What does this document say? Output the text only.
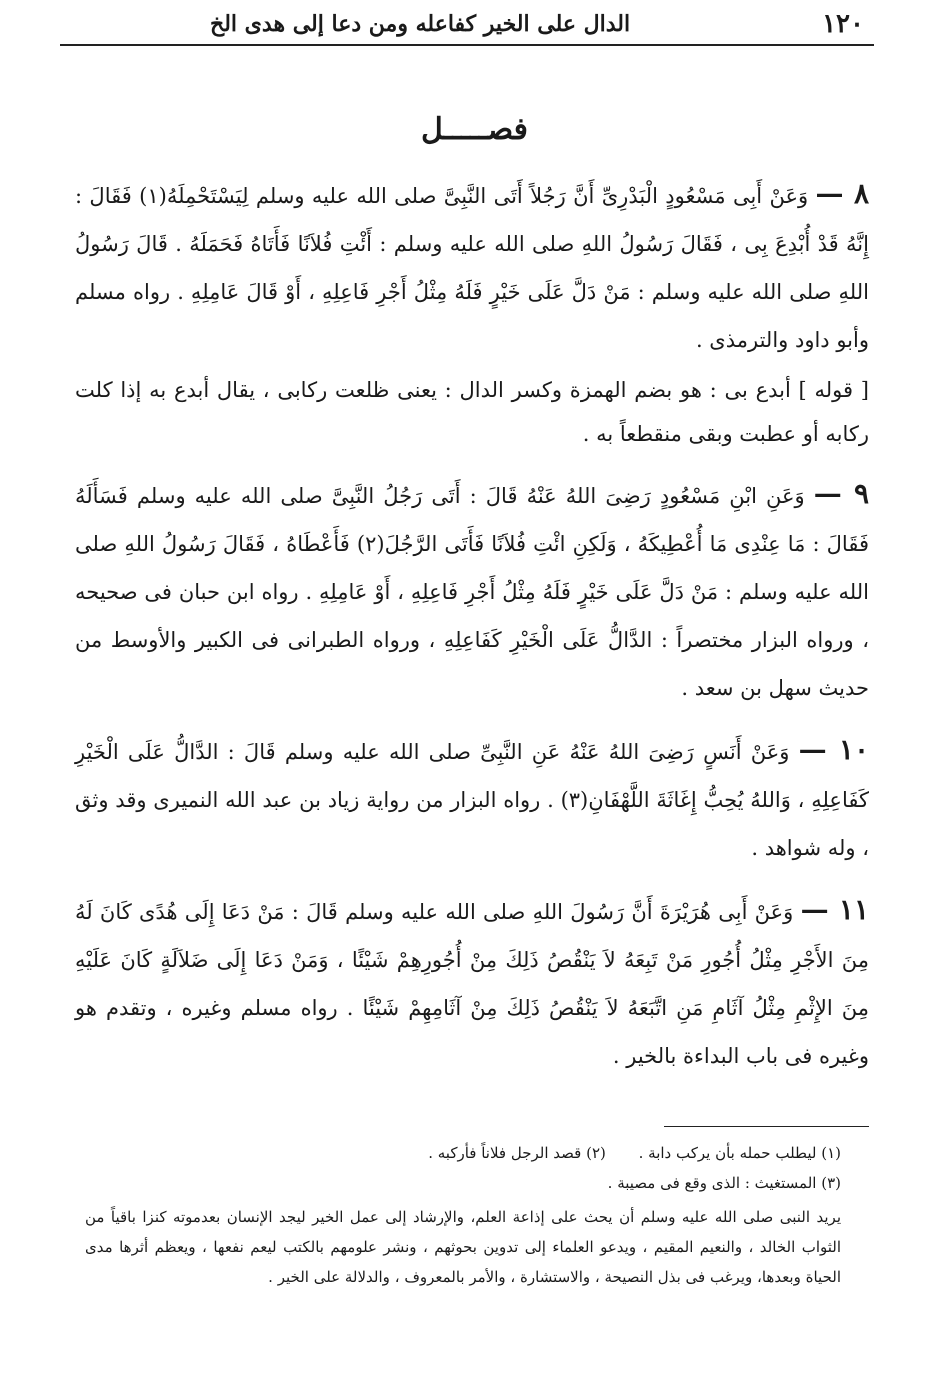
١٢٠
الدال على الخير كفاعله ومن دعا إلى هدى الخ
فصـــــل
٨ — وَعَنْ أَبِى مَسْعُودٍ الْبَدْرِىِّ أَنَّ رَجُلاً أَتَى النَّبِىَّ صلى الله عليه وسلم لِيَسْتَحْمِلَهُ(١) فَقَالَ : إِنَّهُ قَدْ أُبْدِعَ بِى ، فَقَالَ رَسُولُ اللهِ صلى الله عليه وسلم : أَئْتِ فُلاَنًا فَأَتَاهُ فَحَمَلَهُ . قَالَ رَسُولُ اللهِ صلى الله عليه وسلم : مَنْ دَلَّ عَلَى خَيْرٍ فَلَهُ مِثْلُ أَجْرِ فَاعِلِهِ ، أَوْ قَالَ عَامِلِهِ . رواه مسلم وأبو داود والترمذى .
[ قوله ] أبدع بى : هو بضم الهمزة وكسر الدال : يعنى ظلعت ركابى ، يقال أبدع به إذا كلت ركابه أو عطبت وبقى منقطعاً به .
٩ — وَعَنِ ابْنِ مَسْعُودٍ رَضِىَ اللهُ عَنْهُ قَالَ : أَتَى رَجُلُ النَّبِىَّ صلى الله عليه وسلم فَسَأَلَهُ فَقَالَ : مَا عِنْدِى مَا أُعْطِيكَهُ ، وَلَكِنِ ائْتِ فُلاَنًا فَأَتَى الرَّجُلَ(٢) فَأَعْطَاهُ ، فَقَالَ رَسُولُ اللهِ صلى الله عليه وسلم : مَنْ دَلَّ عَلَى خَيْرٍ فَلَهُ مِثْلُ أَجْرِ فَاعِلِهِ ، أَوْ عَامِلِهِ . رواه ابن حبان فى صحيحه ، ورواه البزار مختصراً : الدَّالُّ عَلَى الْخَيْرِ كَفَاعِلِهِ ، ورواه الطبرانى فى الكبير والأوسط من حديث سهل بن سعد .
١٠ — وَعَنْ أَنَسٍ رَضِىَ اللهُ عَنْهُ عَنِ النَّبِىِّ صلى الله عليه وسلم قَالَ : الدَّالُّ عَلَى الْخَيْرِ كَفَاعِلِهِ ، وَاللهُ يُحِبُّ إِغَاثَةَ اللَّهْفَانِ(٣) . رواه البزار من رواية زياد بن عبد الله النميرى وقد وثق ، وله شواهد .
١١ — وَعَنْ أَبِى هُرَيْرَةَ أَنَّ رَسُولَ اللهِ صلى الله عليه وسلم قَالَ : مَنْ دَعَا إِلَى هُدًى كَانَ لَهُ مِنَ الأَجْرِ مِثْلُ أُجُورِ مَنْ تَبِعَهُ لاَ يَنْقُصُ ذَلِكَ مِنْ أُجُورِهِمْ شَيْئًا ، وَمَنْ دَعَا إِلَى ضَلاَلَةٍ كَانَ عَلَيْهِ مِنَ الإِثْمِ مِثْلُ آثَامِ مَنِ اتَّبَعَهُ لاَ يَنْقُصُ ذَلِكَ مِنْ آثَامِهِمْ شَيْئًا . رواه مسلم وغيره ، وتقدم هو وغيره فى باب البداءة بالخير .
(١) ليطلب حمله بأن يركب دابة . (٢) قصد الرجل فلاناً فأركبه .
(٣) المستغيث : الذى وقع فى مصيبة .
يريد النبى صلى الله عليه وسلم أن يحث على إذاعة العلم، والإرشاد إلى عمل الخير ليجد الإنسان بعدموته كنزا باقياً من الثواب الخالد ، والنعيم المقيم ، ويدعو العلماء إلى تدوين بحوثهم ، ونشر علومهم بالكتب ليعم نفعها ، ويعظم أثرها مدى الحياة وبعدها، ويرغب فى بذل النصيحة ، والاستشارة ، والأمر بالمعروف ، والدلالة على الخير .
